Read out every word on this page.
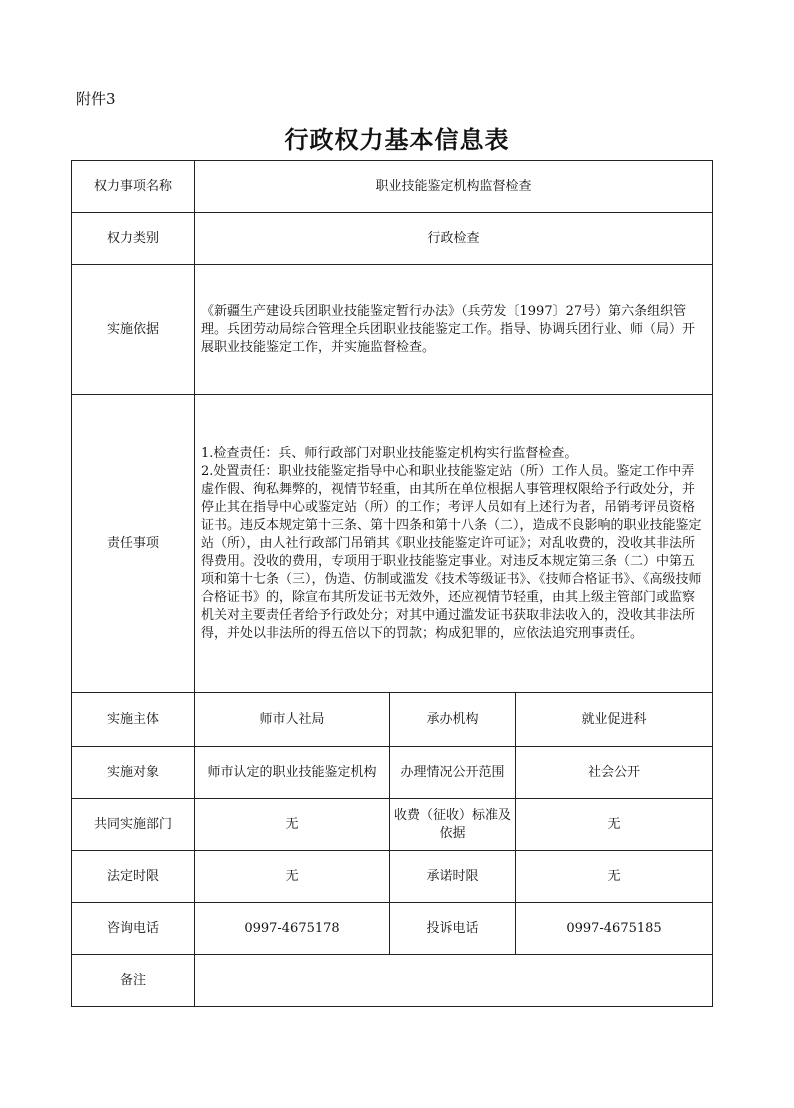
附件3
行政权力基本信息表
权力事项名称	职业技能鉴定机构监督检查		
权力类别	行政检查		
实施依据	《新疆生产建设兵团职业技能鉴定暂行办法》（兵劳发〔1997〕27号）第六条组织管理。兵团劳动局综合管理全兵团职业技能鉴定工作。指导、协调兵团行业、师（局）开展职业技能鉴定工作，并实施监督检查。		
责任事项	1.检查责任：兵、师行政部门对职业技能鉴定机构实行监督检查。
2.处置责任：职业技能鉴定指导中心和职业技能鉴定站（所）工作人员。鉴定工作中弄虚作假、徇私舞弊的，视情节轻重，由其所在单位根据人事管理权限给予行政处分，并停止其在指导中心或鉴定站（所）的工作；考评人员如有上述行为者，吊销考评员资格证书。违反本规定第十三条、第十四条和第十八条（二），造成不良影响的职业技能鉴定站（所），由人社行政部门吊销其《职业技能鉴定许可证》；对乱收费的，没收其非法所得费用。没收的费用，专项用于职业技能鉴定事业。对违反本规定第三条（二）中第五项和第十七条（三），伪造、仿制或滥发《技术等级证书》、《技师合格证书》、《高级技师合格证书》的，除宣布其所发证书无效外，还应视情节轻重，由其上级主管部门或监察机关对主要责任者给予行政处分；对其中通过滥发证书获取非法收入的，没收其非法所得，并处以非法所的得五倍以下的罚款；构成犯罪的，应依法追究刑事责任。		

实施主体	师市人社局	承办机构	就业促进科
实施对象	师市认定的职业技能鉴定机构	办理情况公开范围	社会公开
共同实施部门	无	收费（征收）标准及依据	无
法定时限	无	承诺时限	无
咨询电话	0997-4675178	投诉电话	0997-4675185
备注			
